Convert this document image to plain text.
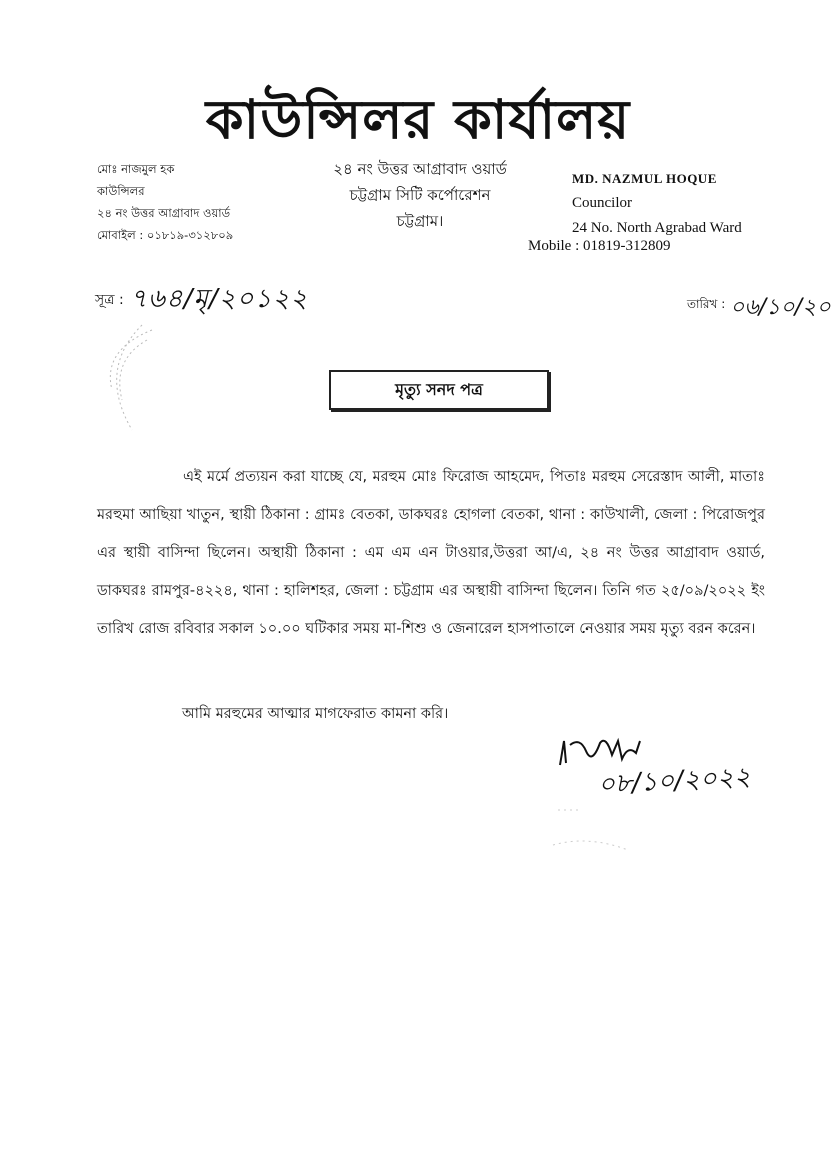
কাউন্সিলর কার্যালয়
মোঃ নাজমুল হক
কাউন্সিলর
২৪ নং উত্তর আগ্রাবাদ ওয়ার্ড
মোবাইল : ০১৮১৯-৩১২৮০৯
২৪ নং উত্তর আগ্রাবাদ ওয়ার্ড
চট্টগ্রাম সিটি কর্পোরেশন
চট্টগ্রাম।
MD. NAZMUL HOQUE
Councilor
24 No. North Agrabad Ward
Mobile : 01819-312809
সূত্র : ৭৬৪/মৃ/২০১২২	তারিখ : ০৬/১০/২০
মৃত্যু সনদ পত্র

এই মর্মে প্রত্যয়ন করা যাচ্ছে যে, মরহুম মোঃ ফিরোজ আহমেদ, পিতাঃ মরহুম সেরেস্তাদ আলী, মাতাঃ মরহুমা আছিয়া খাতুন, স্থায়ী ঠিকানা : গ্রামঃ বেতকা, ডাকঘরঃ হোগলা বেতকা, থানা : কাউখালী, জেলা : পিরোজপুর এর স্থায়ী বাসিন্দা ছিলেন। অস্থায়ী ঠিকানা : এম এম এন টাওয়ার,উত্তরা আ/এ, ২৪ নং উত্তর আগ্রাবাদ ওয়ার্ড, ডাকঘরঃ রামপুর-৪২২৪, থানা : হালিশহর, জেলা : চট্টগ্রাম এর অস্থায়ী বাসিন্দা ছিলেন। তিনি গত ২৫/০৯/২০২২ ইং তারিখ রোজ রবিবার সকাল ১০.০০ ঘটিকার সময় মা-শিশু ও জেনারেল হাসপাতালে নেওয়ার সময় মৃত্যু বরন করেন।

আমি মরহুমের আত্মার মাগফেরাত কামনা করি।
০৮/১০/২০২২
